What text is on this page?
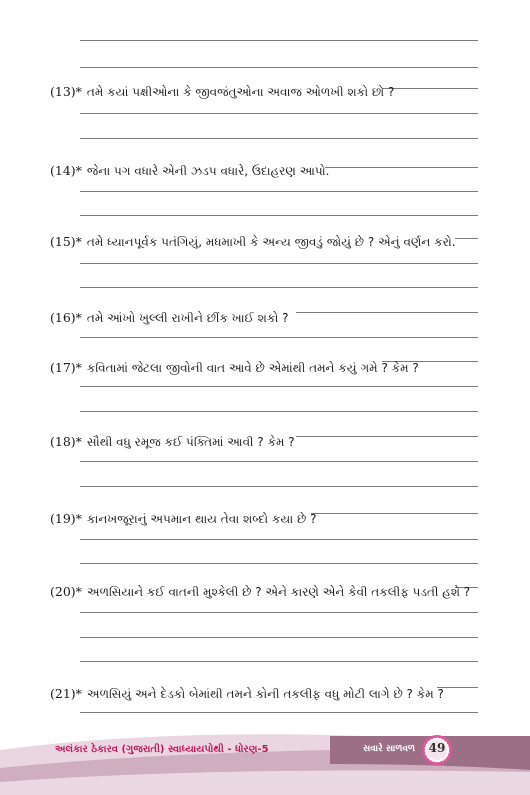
(13)* તમે કયાં પક્ષીઓના કે જીવજંતુઓના અવાજ ઓળખી શકો છો ?
(14)* જેના પગ વધારે એની ઝડપ વધારે, ઉદાહરણ આપો.
(15)* તમે ધ્યાનપૂર્વક પતંગિયું, મધમાખી કે અન્ય જીવડું જોયું છે ? એનું વર્ણન કરો.
(16)* તમે આંખો ખુલ્લી રાખીને છીંક ખાઈ શકો ?
(17)* કવિતામાં જેટલા જીવોની વાત આવે છે એમાંથી તમને કયું ગમે ? કેમ ?
(18)* સૌથી વધુ રમૂજ કઈ પંક્તિમાં આવી ? કેમ ?
(19)* કાનખજૂરાનું અપમાન થાય તેવા શબ્દો કયા છે ?
(20)* અળસિયાને કઈ વાતની મુશ્કેલી છે ? એને કારણે એને કેવી તકલીફ પડતી હશે ?
(21)* અળસિયું અને દેડકો બેમાંથી તમને કોની તકલીફ વધુ મોટી લાગે છે ? કેમ ?
અલંકાર ઠેકારવ (ગુજરાતી) સ્વાધ્યાયપોથી - ધોરણ-5	સવારે સાળવળ	49
